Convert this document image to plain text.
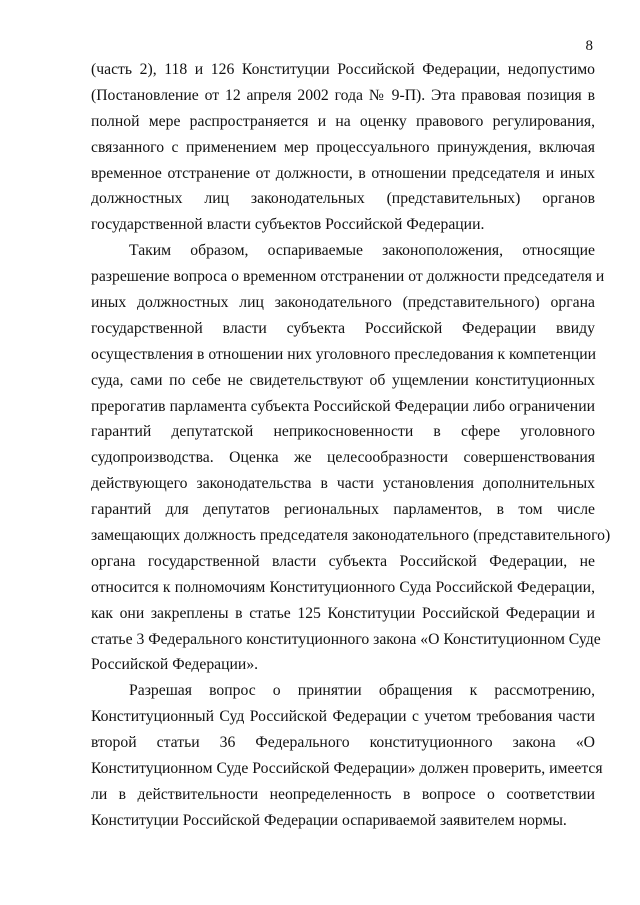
8
(часть 2), 118 и 126 Конституции Российской Федерации, недопустимо
(Постановление от 12 апреля 2002 года № 9-П). Эта правовая позиция в
полной мере распространяется и на оценку правового регулирования,
связанного с применением мер процессуального принуждения, включая
временное отстранение от должности, в отношении председателя и иных
должностных лиц законодательных (представительных) органов
государственной власти субъектов Российской Федерации.
Таким образом, оспариваемые законоположения, относящие
разрешение вопроса о временном отстранении от должности председателя и
иных должностных лиц законодательного (представительного) органа
государственной власти субъекта Российской Федерации ввиду
осуществления в отношении них уголовного преследования к компетенции
суда, сами по себе не свидетельствуют об ущемлении конституционных
прерогатив парламента субъекта Российской Федерации либо ограничении
гарантий депутатской неприкосновенности в сфере уголовного
судопроизводства. Оценка же целесообразности совершенствования
действующего законодательства в части установления дополнительных
гарантий для депутатов региональных парламентов, в том числе
замещающих должность председателя законодательного (представительного)
органа государственной власти субъекта Российской Федерации, не
относится к полномочиям Конституционного Суда Российской Федерации,
как они закреплены в статье 125 Конституции Российской Федерации и
статье 3 Федерального конституционного закона «О Конституционном Суде
Российской Федерации».
Разрешая вопрос о принятии обращения к рассмотрению,
Конституционный Суд Российской Федерации с учетом требования части
второй статьи 36 Федерального конституционного закона «О
Конституционном Суде Российской Федерации» должен проверить, имеется
ли в действительности неопределенность в вопросе о соответствии
Конституции Российской Федерации оспариваемой заявителем нормы.
